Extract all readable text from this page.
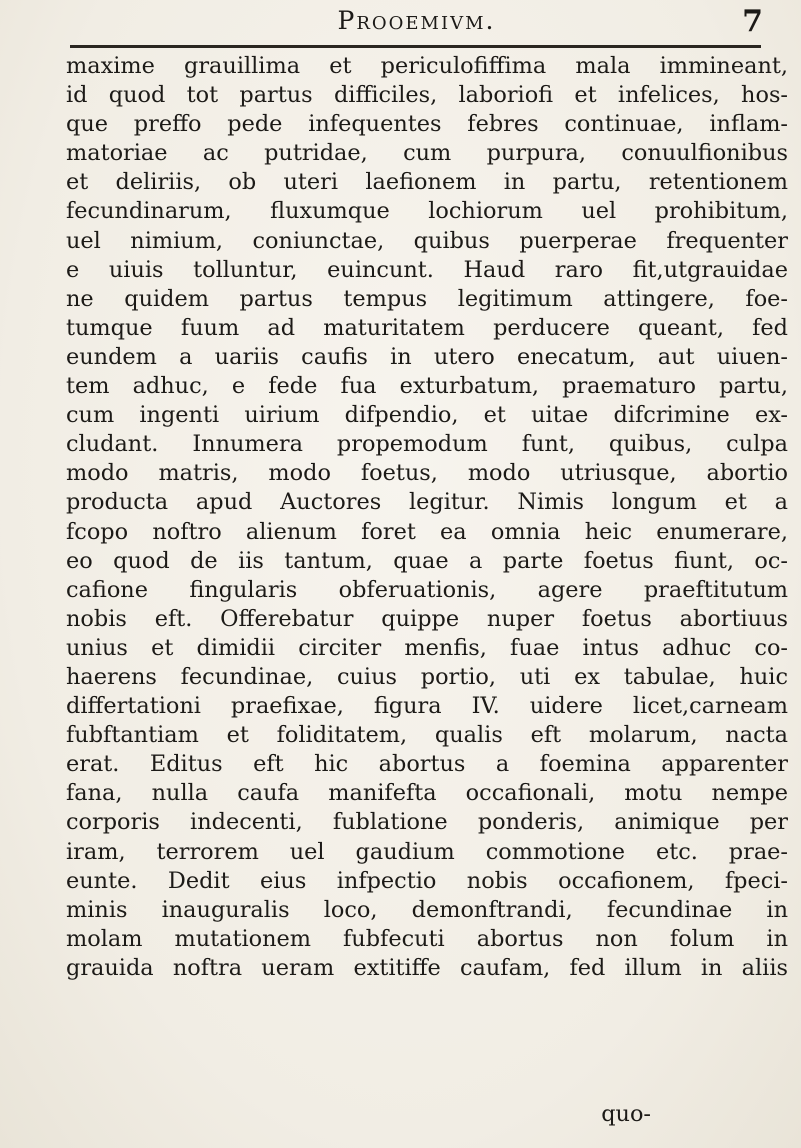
Prooemivm.	7
maxime grauillima et periculofiffima mala immineant,
id quod tot partus difficiles, laboriofi et infelices, hos-
que preffo pede infequentes febres continuae, inflam-
matoriae ac putridae, cum purpura, conuulfionibus
et deliriis, ob uteri laefionem in partu, retentionem
fecundinarum, fluxumque lochiorum uel prohibitum,
uel nimium, coniunctae, quibus puerperae frequenter
e uiuis tolluntur, euincunt. Haud raro fit,utgrauidae
ne quidem partus tempus legitimum attingere, foe-
tumque fuum ad maturitatem perducere queant, fed
eundem a uariis caufis in utero enecatum, aut uiuen-
tem adhuc, e fede fua exturbatum, praematuro partu,
cum ingenti uirium difpendio, et uitae difcrimine ex-
cludant. Innumera propemodum funt, quibus, culpa
modo matris, modo foetus, modo utriusque, abortio
producta apud Auctores legitur. Nimis longum et a
fcopo noftro alienum foret ea omnia heic enumerare,
eo quod de iis tantum, quae a parte foetus fiunt, oc-
cafione fingularis obferuationis, agere praeftitutum
nobis eft. Offerebatur quippe nuper foetus abortiuus
unius et dimidii circiter menfis, fuae intus adhuc co-
haerens fecundinae, cuius portio, uti ex tabulae, huic
differtationi praefixae, figura IV. uidere licet,carneam
fubftantiam et foliditatem, qualis eft molarum, nacta
erat. Editus eft hic abortus a foemina apparenter
fana, nulla caufa manifefta occafionali, motu nempe
corporis indecenti, fublatione ponderis, animique per
iram, terrorem uel gaudium commotione etc. prae-
eunte. Dedit eius infpectio nobis occafionem, fpeci-
minis inauguralis loco, demonftrandi, fecundinae in
molam mutationem fubfecuti abortus non folum in
grauida noftra ueram extitiffe caufam, fed illum in aliis
quo-
